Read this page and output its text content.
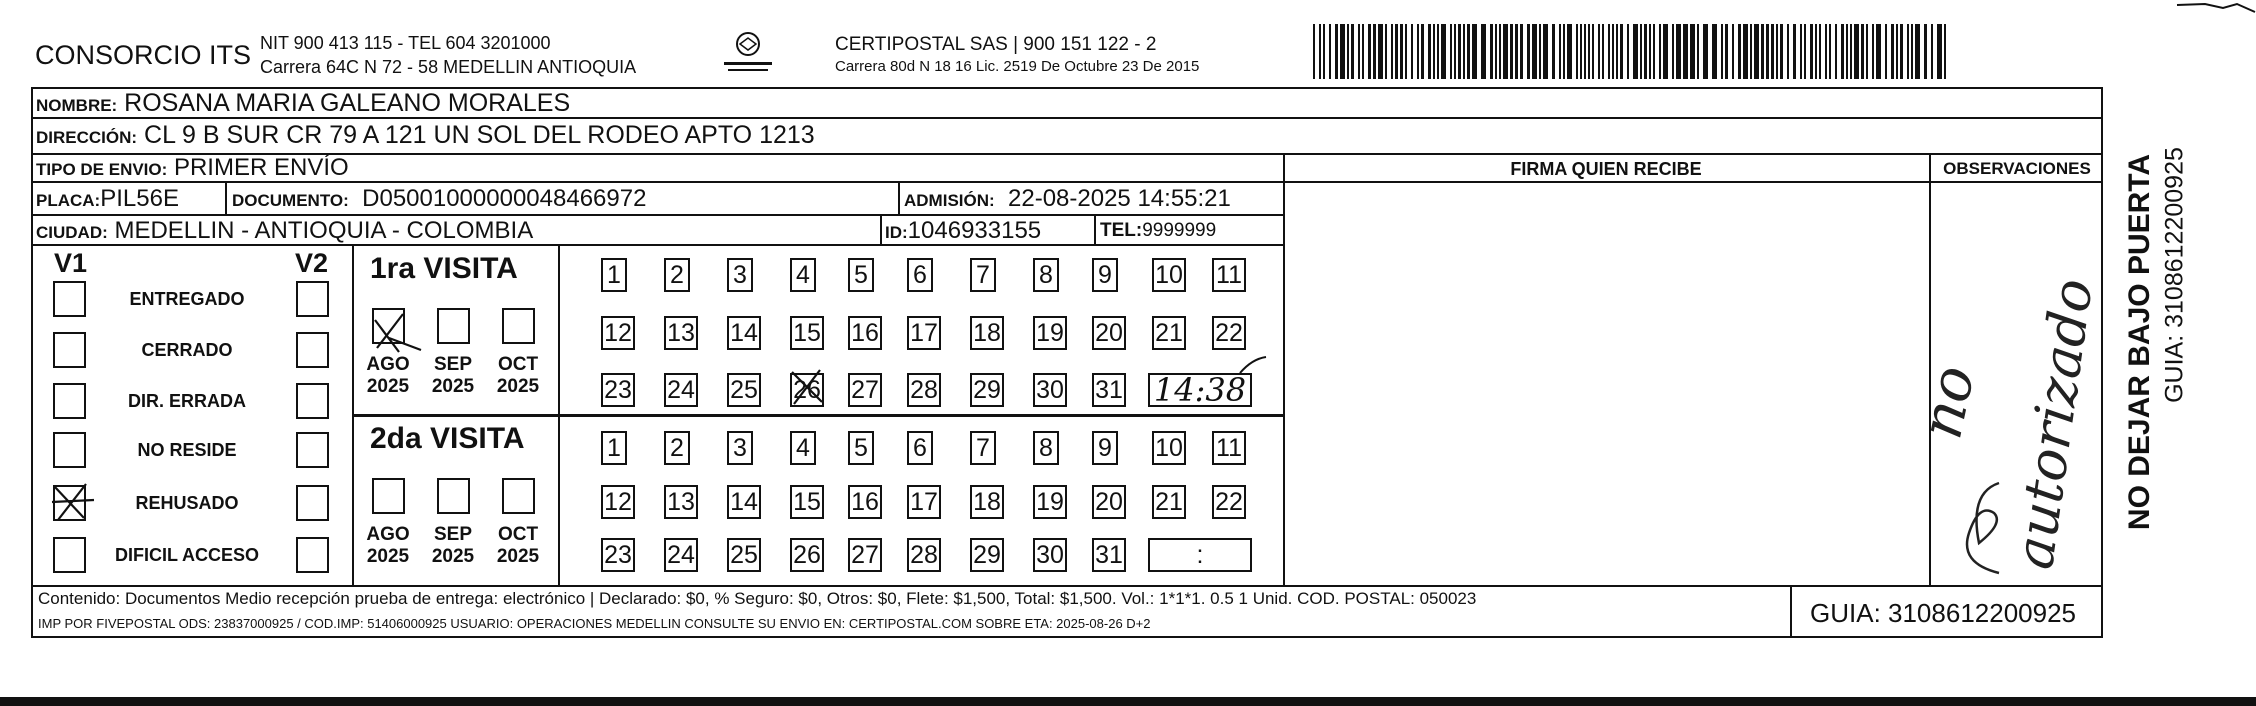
CONSORCIO ITS NIT 900 413 115 - TEL 604 3201000
Carrera 64C N 72 - 58 MEDELLIN ANTIOQUIA
CERTIPOSTAL SAS | 900 151 122 - 2
Carrera 80d N 18 16 Lic. 2519 De Octubre 23 De 2015
NOMBRE: ROSANA MARIA GALEANO MORALES
DIRECCIÓN: CL 9 B SUR CR 79 A 121 UN SOL DEL RODEO APTO 1213
TIPO DE ENVIO: PRIMER ENVÍO
PLACA:PIL56E	DOCUMENTO: D05001000000048466972	ADMISIÓN: 22-08-2025 14:55:21
CIUDAD: MEDELLIN - ANTIOQUIA - COLOMBIA	ID:1046933155	TEL:9999999
FIRMA QUIEN RECIBE	OBSERVACIONES
V1	V2
ENTREGADO
CERRADO
DIR. ERRADA
NO RESIDE
REHUSADO
DIFICIL ACCESO
1ra VISITA
2da VISITA
AGO
2025
SEP
2025
OCT
2025
AGO
2025
SEP
2025
OCT
2025
1 2 3 4 5 6 7 8 9 10 11
12 13 14 15 16 17 18 19 20 21 22
23 24 25 26 27 28 29 30 31 14:38
1 2 3 4 5 6 7 8 9 10 11
12 13 14 15 16 17 18 19 20 21 22
23 24 25 26 27 28 29 30 31	:
no autorizado
Contenido: Documentos Medio recepción prueba de entrega: electrónico | Declarado: $0, % Seguro: $0, Otros: $0, Flete: $1,500, Total: $1,500. Vol.: 1*1*1. 0.5 1 Unid. COD. POSTAL: 050023
IMP POR FIVEPOSTAL ODS: 23837000925 / COD.IMP: 51406000925 USUARIO: OPERACIONES MEDELLIN CONSULTE SU ENVIO EN: CERTIPOSTAL.COM SOBRE ETA: 2025-08-26 D+2	GUIA: 3108612200925
NO DEJAR BAJO PUERTA GUIA: 3108612200925
